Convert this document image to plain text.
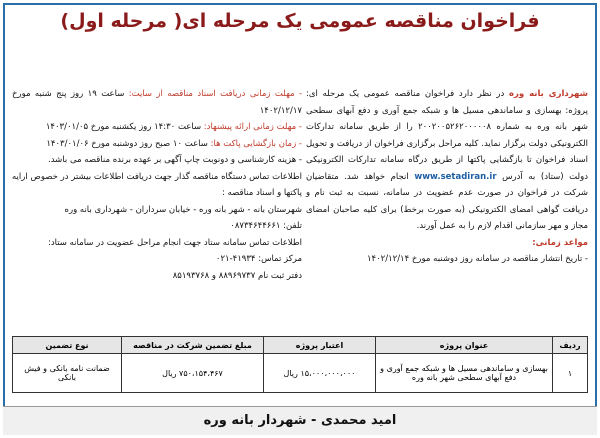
فراخوان مناقصه عمومی یک مرحله ای( مرحله اول)
شهرداری بانه وره در نظر دارد فراخوان مناقصه عمومی یک مرحله ای: پروژه: بهسازی و ساماندهی مسیل ها و شبکه جمع آوری و دفع آبهای سطحی شهر بانه وره به شماره ۲۰۰۲۰۰۵۲۶۲۰۰۰۰۰۸ را از طریق سامانه تدارکات الکترونیکی دولت برگزار نماید. کلیه مراحل برگزاری فراخوان از دریافت و تحویل اسناد فراخوان تا بازگشایی پاکتها از طریق درگاه سامانه تدارکات الکترونیکی دولت (ستاد) به آدرس www.setadiran.ir انجام خواهد شد. متقاضیان شرکت در فراخوان در صورت عدم عضویت در سامانه، نسبت به ثبت نام و دریافت گواهی امضای الکترونیکی (به صورت برخط) برای کلیه صاحبان امضای مجاز و مهر سازمانی اقدام لازم را به عمل آورند.
مواعد زمانی:
- تاریخ انتشار مناقصه در سامانه روز دوشنبه مورخ ۱۴۰۲/۱۲/۱۴
- مهلت زمانی دریافت اسناد مناقصه از سایت: ساعت ۱۹ روز پنج شنبه مورخ ۱۴۰۲/۱۲/۱۷
- مهلت زمانی ارائه پیشنهاد: ساعت ۱۴:۳۰ روز یکشنبه مورخ ۱۴۰۳/۰۱/۰۵
- زمان بازگشایی پاکت ها: ساعت ۱۰ صبح روز دوشنبه مورخ ۱۴۰۳/۰۱/۰۶
- هزینه کارشناسی و دونوبت چاپ آگهی بر عهده برنده مناقصه می باشد.
اطلاعات تماس دستگاه مناقصه گذار جهت دریافت اطلاعات بیشتر در خصوص ارایه پاکتها و اسناد مناقصه :
شهرستان بانه - شهر بانه وره - خیابان سرداران - شهرداری بانه وره
تلفن: ۰۸۷۳۴۶۴۴۶۶۱
اطلاعات تماس سامانه ستاد جهت انجام مراحل عضویت در سامانه ستاد:
مرکز تماس: ۴۱۹۳۴-۰۲۱
دفتر ثبت نام ۸۸۹۶۹۷۳۷ و ۸۵۱۹۳۷۶۸
ردیف	عنوان پروژه	اعتبار پروژه	مبلغ تضمین شرکت در مناقصه	نوع تضمین
۱	بهسازی و ساماندهی مسیل ها و شبکه جمع آوری و دفع آبهای سطحی شهر بانه وره	۱۵،۰۰۰،۰۰۰،۰۰۰ ریال	۷۵۰،۱۵۴،۴۶۷ ریال	ضمانت نامه بانکی و فیش بانکی
امید محمدی - شهردار بانه وره
